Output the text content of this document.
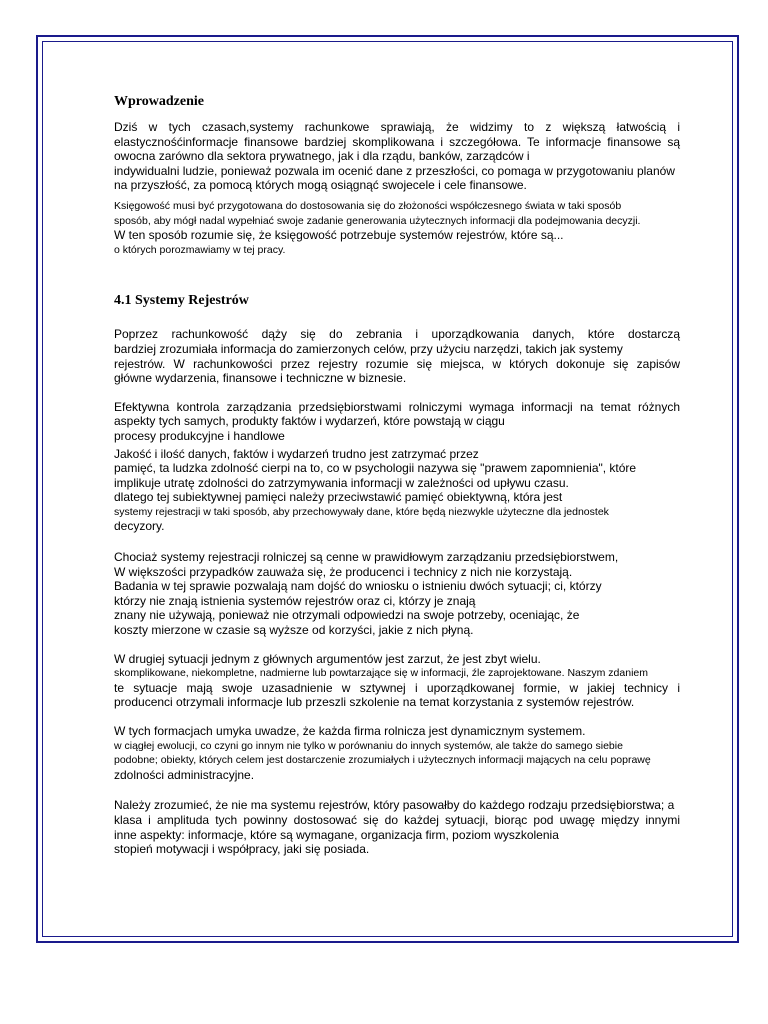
Wprowadzenie
Dziś w tych czasach,systemy rachunkowe sprawiają, że widzimy to z większą łatwością i
elastycznośćinformacje finansowe bardziej skomplikowana i szczegółowa. Te informacje finansowe są
owocna zarówno dla sektora prywatnego, jak i dla rządu, banków, zarządców i
indywidualni ludzie, ponieważ pozwala im ocenić dane z przeszłości, co pomaga w przygotowaniu planów
na przyszłość, za pomocą których mogą osiągnąć swojecele i cele finansowe.
Księgowość musi być przygotowana do dostosowania się do złożoności współczesnego świata w taki sposób
sposób, aby mógł nadal wypełniać swoje zadanie generowania użytecznych informacji dla podejmowania decyzji.
W ten sposób rozumie się, że księgowość potrzebuje systemów rejestrów, które są...
o których porozmawiamy w tej pracy.
4.1 Systemy Rejestrów
Poprzez rachunkowość dąży się do zebrania i uporządkowania danych, które dostarczą
bardziej zrozumiała informacja do zamierzonych celów, przy użyciu narzędzi, takich jak systemy
rejestrów. W rachunkowości przez rejestry rozumie się miejsca, w których dokonuje się zapisów
główne wydarzenia, finansowe i techniczne w biznesie.
Efektywna kontrola zarządzania przedsiębiorstwami rolniczymi wymaga informacji na temat różnych
aspekty tych samych, produkty faktów i wydarzeń, które powstają w ciągu
procesy produkcyjne i handlowe
Jakość i ilość danych, faktów i wydarzeń trudno jest zatrzymać przez
pamięć, ta ludzka zdolność cierpi na to, co w psychologii nazywa się "prawem zapomnienia", które
implikuje utratę zdolności do zatrzymywania informacji w zależności od upływu czasu.
dlatego tej subiektywnej pamięci należy przeciwstawić pamięć obiektywną, która jest
systemy rejestracji w taki sposób, aby przechowywały dane, które będą niezwykle użyteczne dla jednostek
decyzory.
Chociaż systemy rejestracji rolniczej są cenne w prawidłowym zarządzaniu przedsiębiorstwem,
W większości przypadków zauważa się, że producenci i technicy z nich nie korzystają.
Badania w tej sprawie pozwalają nam dojść do wniosku o istnieniu dwóch sytuacji; ci, którzy
którzy nie znają istnienia systemów rejestrów oraz ci, którzy je znają
znany nie używają, ponieważ nie otrzymali odpowiedzi na swoje potrzeby, oceniając, że
koszty mierzone w czasie są wyższe od korzyści, jakie z nich płyną.
W drugiej sytuacji jednym z głównych argumentów jest zarzut, że jest zbyt wielu.
skomplikowane, niekompletne, nadmierne lub powtarzające się w informacji, źle zaprojektowane. Naszym zdaniem
te sytuacje mają swoje uzasadnienie w sztywnej i uporządkowanej formie, w jakiej technicy i
producenci otrzymali informacje lub przeszli szkolenie na temat korzystania z systemów rejestrów.
W tych formacjach umyka uwadze, że każda firma rolnicza jest dynamicznym systemem.
w ciągłej ewolucji, co czyni go innym nie tylko w porównaniu do innych systemów, ale także do samego siebie
podobne; obiekty, których celem jest dostarczenie zrozumiałych i użytecznych informacji mających na celu poprawę
zdolności administracyjne.
Należy zrozumieć, że nie ma systemu rejestrów, który pasowałby do każdego rodzaju przedsiębiorstwa; a
klasa i amplituda tych powinny dostosować się do każdej sytuacji, biorąc pod uwagę między innymi
inne aspekty: informacje, które są wymagane, organizacja firm, poziom wyszkolenia
stopień motywacji i współpracy, jaki się posiada.
